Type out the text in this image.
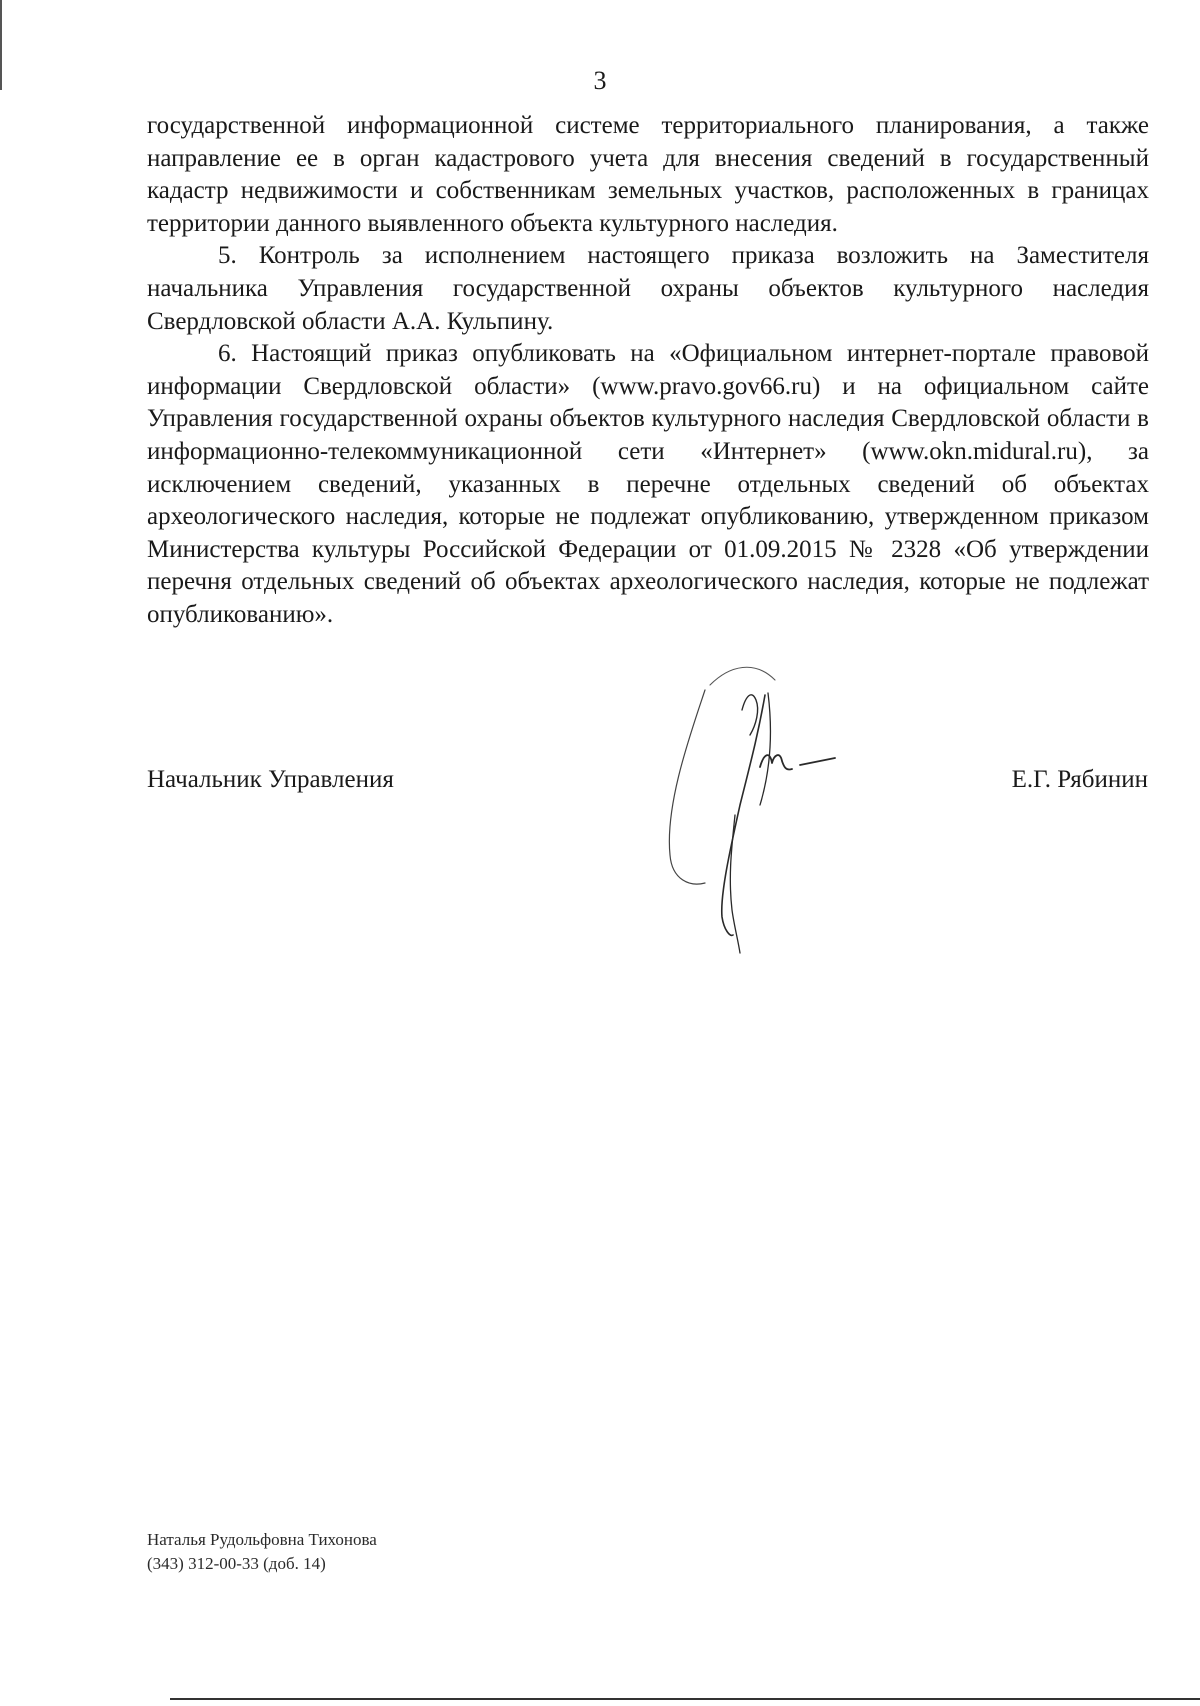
3

государственной информационной системе территориального планирования, а также направление ее в орган кадастрового учета для внесения сведений в государственный кадастр недвижимости и собственникам земельных участков, расположенных в границах территории данного выявленного объекта культурного наследия.

5. Контроль за исполнением настоящего приказа возложить на Заместителя начальника Управления государственной охраны объектов культурного наследия Свердловской области А.А. Кульпину.

6. Настоящий приказ опубликовать на «Официальном интернет-портале правовой информации Свердловской области» (www.pravo.gov66.ru) и на официальном сайте Управления государственной охраны объектов культурного наследия Свердловской области в информационно-телекоммуникационной сети «Интернет» (www.okn.midural.ru), за исключением сведений, указанных в перечне отдельных сведений об объектах археологического наследия, которые не подлежат опубликованию, утвержденном приказом Министерства культуры Российской Федерации от 01.09.2015 № 2328 «Об утверждении перечня отдельных сведений об объектах археологического наследия, которые не подлежат опубликованию».

Начальник Управления	Е.Г. Рябинин
Наталья Рудольфовна Тихонова
(343) 312-00-33 (доб. 14)
